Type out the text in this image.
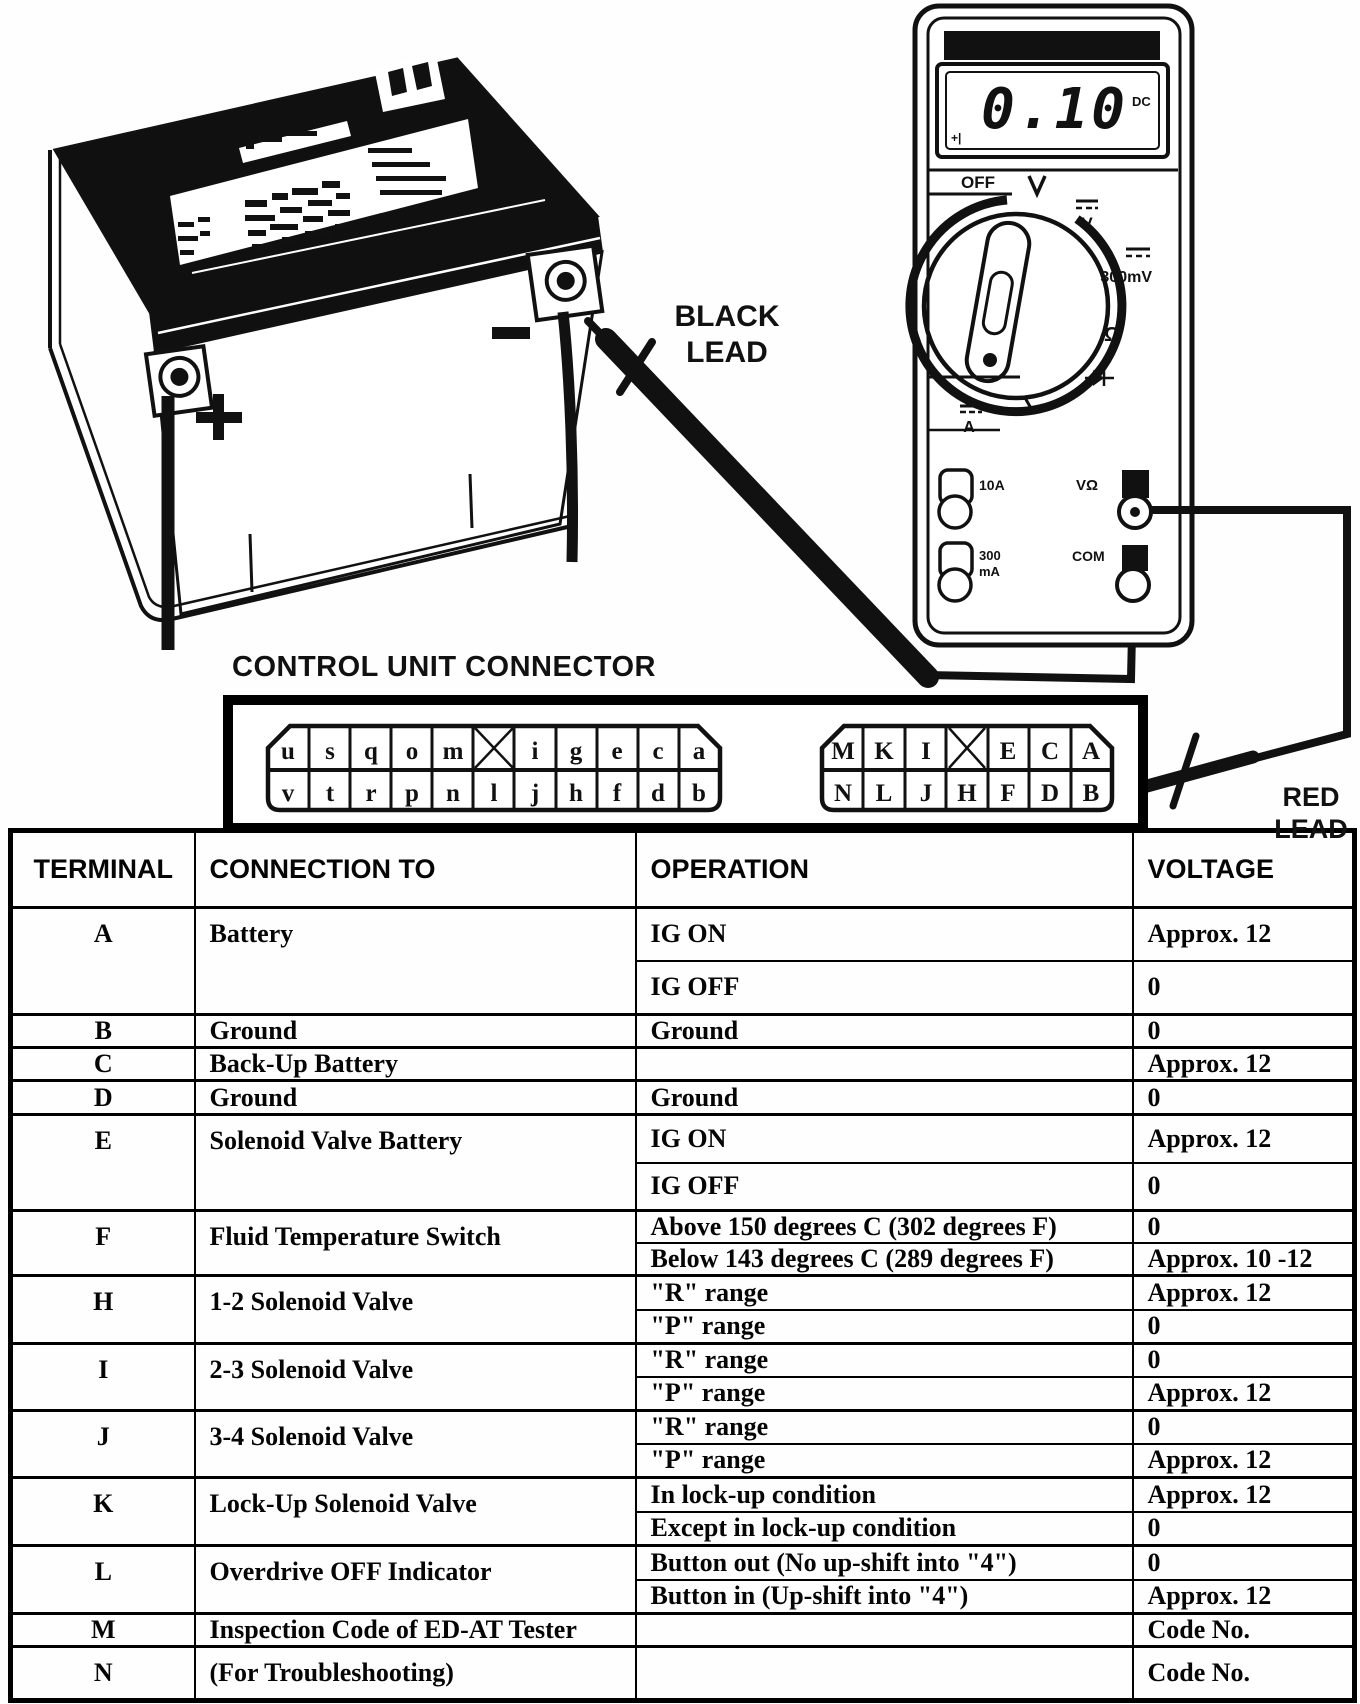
BLACK
LEAD
FLUKE
0.10 DC
+|
OFF
V
300mV
Ω
A
10A
300
mA
VΩ
COM
RED
LEAD
CONTROL UNIT CONNECTOR
u s q o m	i g e c a
v t r p n l j h f d b
M K I	E C A
N L J H F D B
TERMINAL	CONNECTION TO	OPERATION	VOLTAGE
A	Battery	IG ON	Approx. 12
		IG OFF	0
B	Ground	Ground	0
C	Back-Up Battery		Approx. 12
D	Ground	Ground	0
E	Solenoid Valve Battery	IG ON	Approx. 12
		IG OFF	0
F	Fluid Temperature Switch	Above 150 degrees C (302 degrees F)	0
		Below 143 degrees C (289 degrees F)	Approx. 10 -12
H	1-2 Solenoid Valve	"R" range	Approx. 12
		"P" range	0
I	2-3 Solenoid Valve	"R" range	0
		"P" range	Approx. 12
J	3-4 Solenoid Valve	"R" range	0
		"P" range	Approx. 12
K	Lock-Up Solenoid Valve	In lock-up condition	Approx. 12
		Except in lock-up condition	0
L	Overdrive OFF Indicator	Button out (No up-shift into "4")	0
		Button in (Up-shift into "4")	Approx. 12
M	Inspection Code of ED-AT Tester		Code No.
N	(For Troubleshooting)		Code No.
